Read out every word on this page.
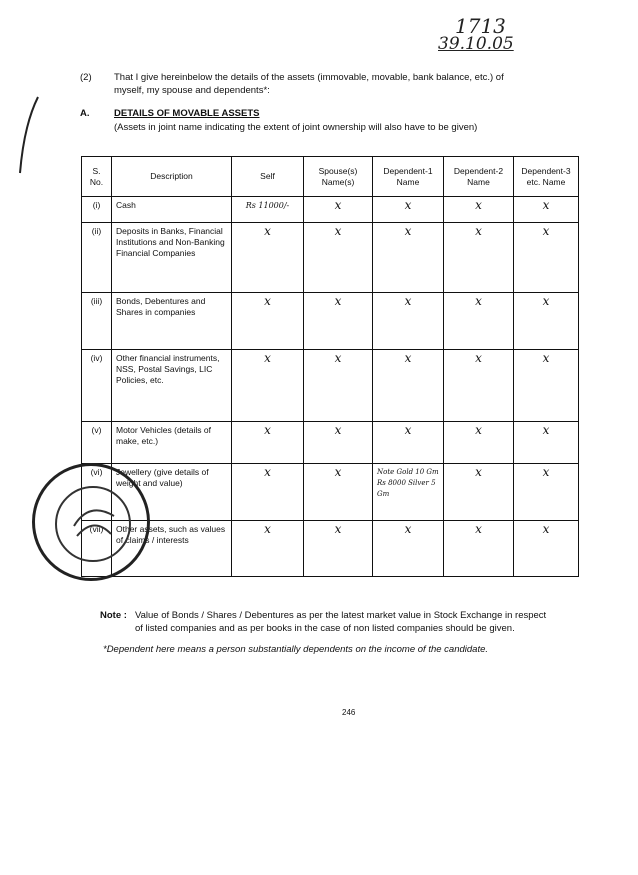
1713
39.10.05
(2) That I give hereinbelow the details of the assets (immovable, movable, bank balance, etc.) of
myself, my spouse and dependents*:
A.	DETAILS OF MOVABLE ASSETS
(Assets in joint name indicating the extent of joint ownership will also have to be given)
S. No.	Description	Self	Spouse(s) Name(s)	Dependent-1 Name	Dependent-2 Name	Dependent-3 etc. Name
(i)	Cash	Rs 11000/-	x	x	x	x
(ii)	Deposits in Banks, Financial Institutions and Non-Banking Financial Companies	x	x	x	x	x
(iii)	Bonds, Debentures and Shares in companies	x	x	x	x	x
(iv)	Other financial instruments, NSS, Postal Savings, LIC Policies, etc.	x	x	x	x	x
(v)	Motor Vehicles (details of make, etc.)	x	x	x	x	x
(vi)	Jewellery (give details of weight and value)	x	x	Note Gold 10 Gm Rs 8000 Silver 5 Gm	x	x
(vii)	Other assets, such as values of claims / interests	x	x	x	x	x
Note : Value of Bonds / Shares / Debentures as per the latest market value in Stock Exchange in respect
of listed companies and as per books in the case of non listed companies should be given.
*Dependent here means a person substantially dependents on the income of the candidate.
246
